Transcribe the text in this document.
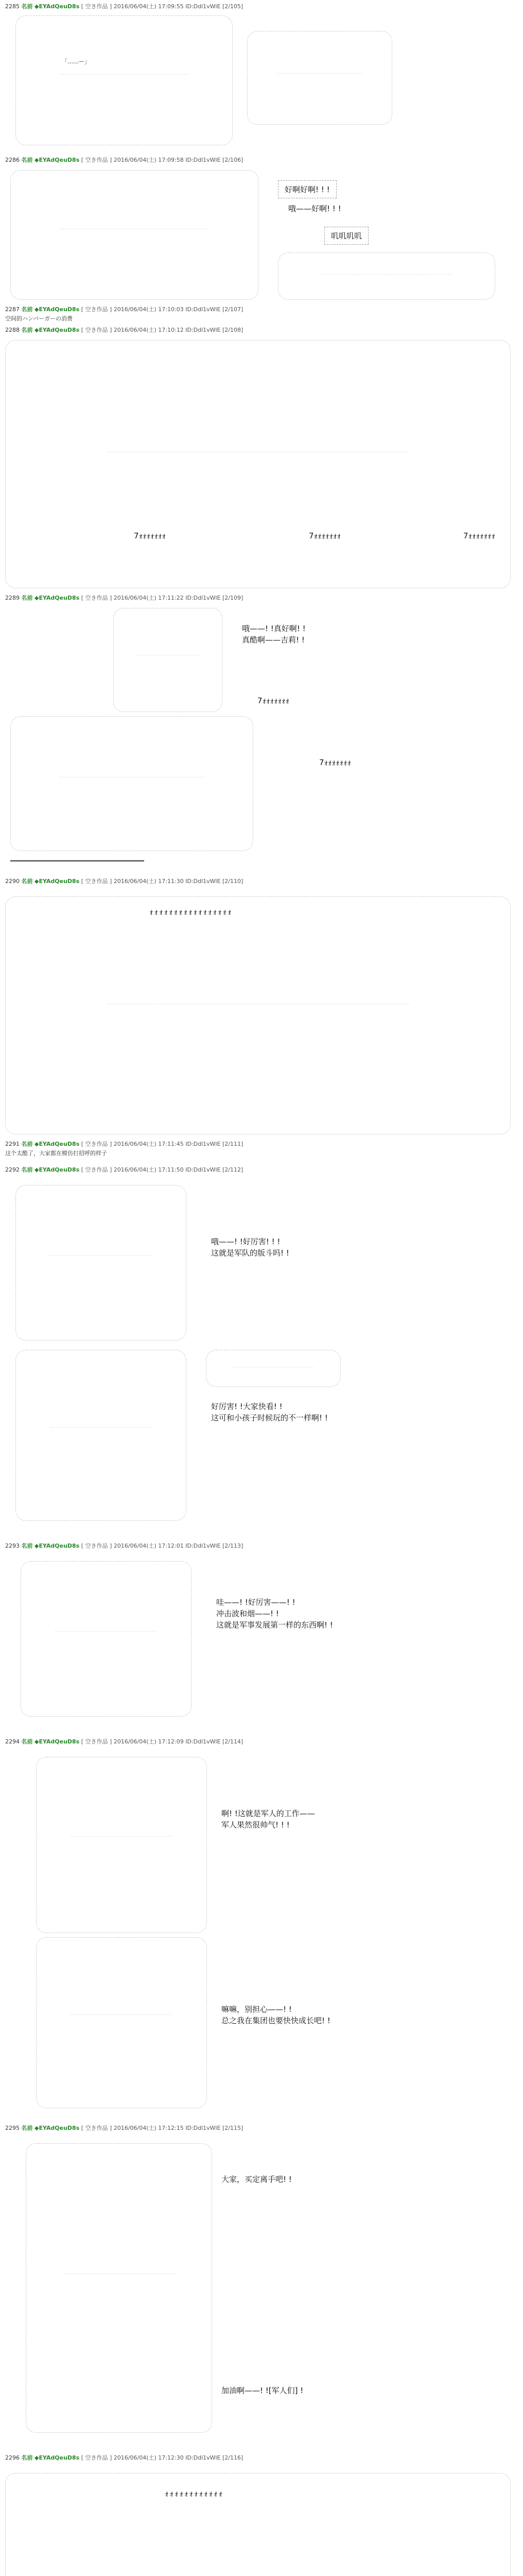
2285 名前 ◆EYAdQeuD8s [ 空き作品 ] 2016/06/04(土) 17:09:55 ID:Ddl1vWlE [2/105]
「……ー」
2286 名前 ◆EYAdQeuD8s [ 空き作品 ] 2016/06/04(土) 17:09:58 ID:Ddl1vWlE [2/106]
好啊好啊! ! !
哦——好啊! ! !
叽叽叽叽
2287 名前 ◆EYAdQeuD8s [ 空き作品 ] 2016/06/04(土) 17:10:03 ID:Ddl1vWlE [2/107]
空间的ハンバーガーの消费
2288 名前 ◆EYAdQeuD8s [ 空き作品 ] 2016/06/04(土) 17:10:12 ID:Ddl1vWlE [2/108]
7ｫｫｫｫｫｫｫ	7ｫｫｫｫｫｫｫ	7ｫｫｫｫｫｫｫ
2289 名前 ◆EYAdQeuD8s [ 空き作品 ] 2016/06/04(土) 17:11:22 ID:Ddl1vWlE [2/109]
哦——! !真好啊! !
真酷啊——吉莉! !
7ｫｫｫｫｫｫｫ
7ｫｫｫｫｫｫｫ
2290 名前 ◆EYAdQeuD8s [ 空き作品 ] 2016/06/04(土) 17:11:30 ID:Ddl1vWlE [2/110]
ｫｫｫｫｫｫｫｫｫｫｫｫｫｫｫｫｫ
2291 名前 ◆EYAdQeuD8s [ 空き作品 ] 2016/06/04(土) 17:11:45 ID:Ddl1vWlE [2/111]
这个太酷了，大家都在模仿打招呼的样子
2292 名前 ◆EYAdQeuD8s [ 空き作品 ] 2016/06/04(土) 17:11:50 ID:Ddl1vWlE [2/112]
哦——! !好厉害! ! !
这就是军队的版斗吗! !
好厉害! !大家快看! !
这可和小孩子时候玩的不一样啊! !
2293 名前 ◆EYAdQeuD8s [ 空き作品 ] 2016/06/04(土) 17:12:01 ID:Ddl1vWlE [2/113]
哇——! !好厉害——! !
冲击波和烟——! !
这就是军事发展第一样的东西啊! !
2294 名前 ◆EYAdQeuD8s [ 空き作品 ] 2016/06/04(土) 17:12:09 ID:Ddl1vWlE [2/114]
啊! !这就是军人的工作——
军人果然很帅气! ! !
嘛嘛，别担心——! !
总之我在集团也要快快成长吧! !
2295 名前 ◆EYAdQeuD8s [ 空き作品 ] 2016/06/04(土) 17:12:15 ID:Ddl1vWlE [2/115]
大家，买定离手吧! !
加油啊——! ![军人们] !
2296 名前 ◆EYAdQeuD8s [ 空き作品 ] 2016/06/04(土) 17:12:30 ID:Ddl1vWlE [2/116]
ｫｫｫｫｫｫｫｫｫｫｫｫ
